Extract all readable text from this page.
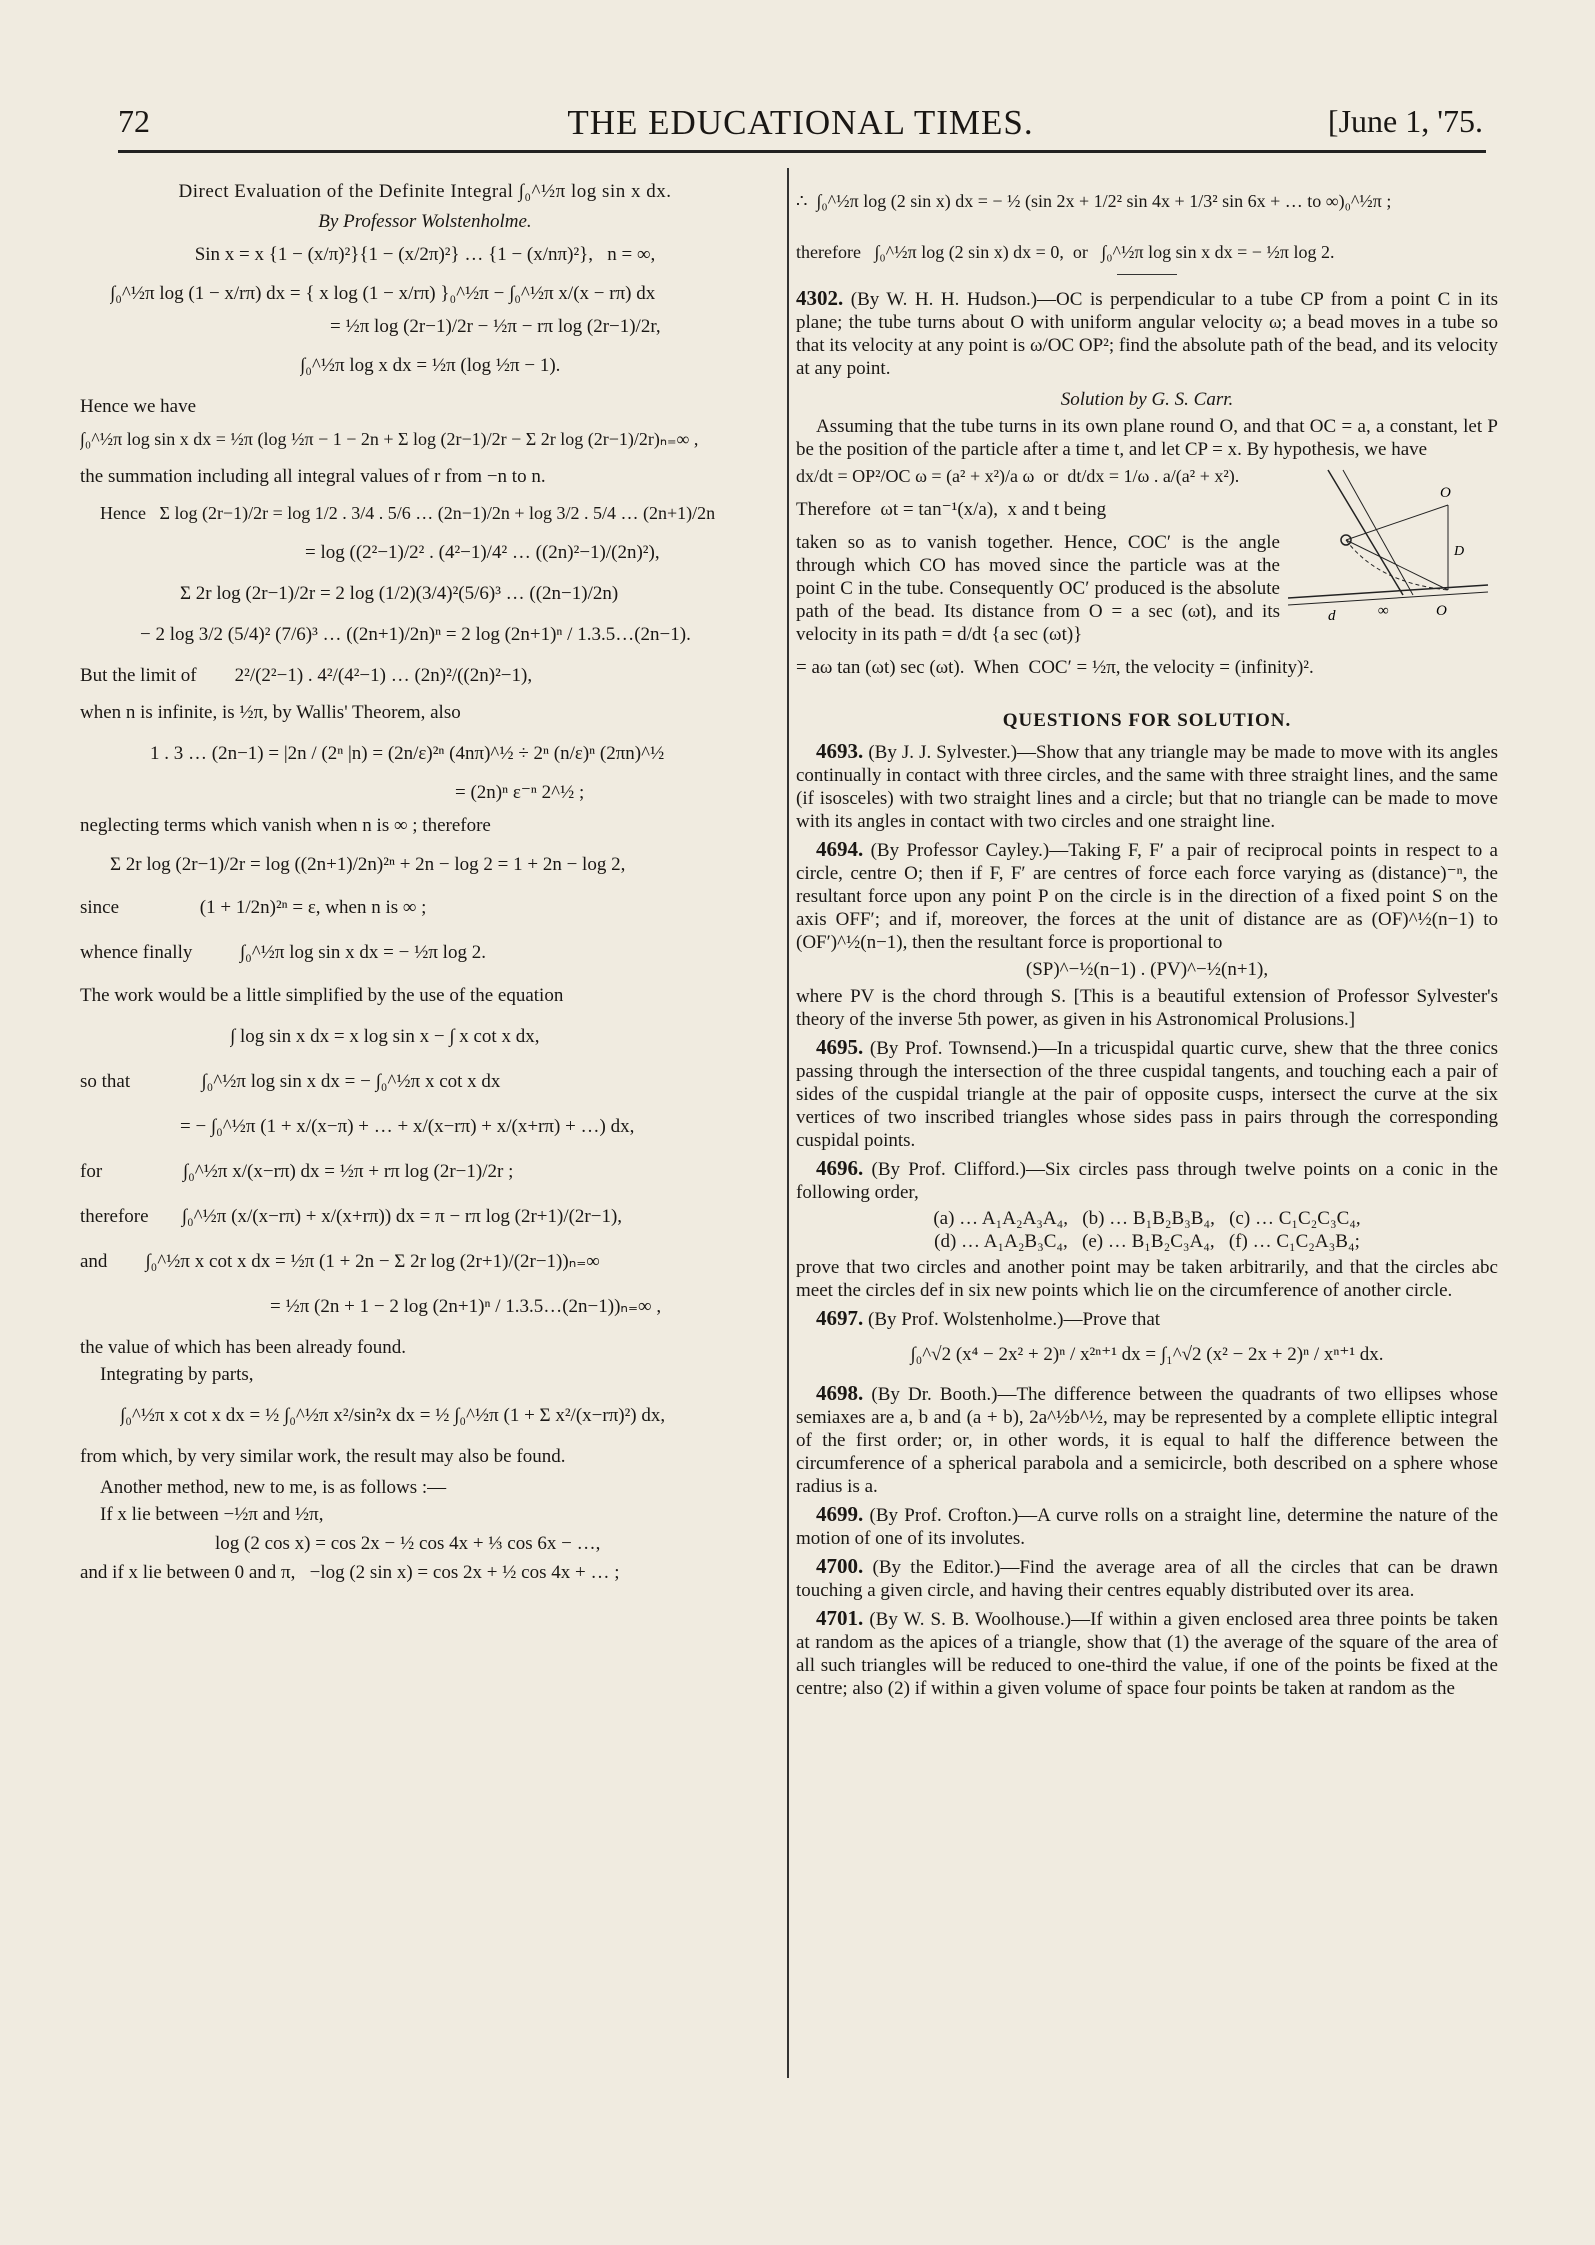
72	THE EDUCATIONAL TIMES.	[June 1, '75.
Direct Evaluation of the Definite Integral ∫₀^½π log sin x dx.
By Professor Wolstenholme.
Sin x = x {1 − (x/π)²}{1 − (x/2π)²} … {1 − (x/nπ)²},   n = ∞,
∫₀^½π log (1 − x/rπ) dx = { x log (1 − x/rπ) }₀^½π − ∫₀^½π x/(x − rπ) dx
= ½π log (2r−1)/2r − ½π − rπ log (2r−1)/2r,
∫₀^½π log x dx = ½π (log ½π − 1).
Hence we have
∫₀^½π log sin x dx = ½π (log ½π − 1 − 2n + Σ log (2r−1)/2r − Σ 2r log (2r−1)/2r)ₙ₌∞ ,
the summation including all integral values of r from −n to n.
Hence   Σ log (2r−1)/2r = log 1/2 . 3/4 . 5/6 … (2n−1)/2n + log 3/2 . 5/4 … (2n+1)/2n
= log ((2²−1)/2² . (4²−1)/4² … ((2n)²−1)/(2n)²),
Σ 2r log (2r−1)/2r = 2 log (1/2)(3/4)²(5/6)³ … ((2n−1)/2n)
− 2 log 3/2 (5/4)² (7/6)³ … ((2n+1)/2n)ⁿ = 2 log (2n+1)ⁿ / 1.3.5…(2n−1).
But the limit of        2²/(2²−1) . 4²/(4²−1) … (2n)²/((2n)²−1),
when n is infinite, is ½π, by Wallis' Theorem, also
1 . 3 … (2n−1) = |2n / (2ⁿ |n) = (2n/ε)²ⁿ (4nπ)^½ ÷ 2ⁿ (n/ε)ⁿ (2πn)^½
= (2n)ⁿ ε⁻ⁿ 2^½ ;
neglecting terms which vanish when n is ∞ ; therefore
Σ 2r log (2r−1)/2r = log ((2n+1)/2n)²ⁿ + 2n − log 2 = 1 + 2n − log 2,
since                 (1 + 1/2n)²ⁿ = ε, when n is ∞ ;
whence finally          ∫₀^½π log sin x dx = − ½π log 2.
The work would be a little simplified by the use of the equation
∫ log sin x dx = x log sin x − ∫ x cot x dx,
so that               ∫₀^½π log sin x dx = − ∫₀^½π x cot x dx
= − ∫₀^½π (1 + x/(x−π) + … + x/(x−rπ) + x/(x+rπ) + …) dx,
for                 ∫₀^½π x/(x−rπ) dx = ½π + rπ log (2r−1)/2r ;
therefore       ∫₀^½π (x/(x−rπ) + x/(x+rπ)) dx = π − rπ log (2r+1)/(2r−1),
and        ∫₀^½π x cot x dx = ½π (1 + 2n − Σ 2r log (2r+1)/(2r−1))ₙ₌∞
= ½π (2n + 1 − 2 log (2n+1)ⁿ / 1.3.5…(2n−1))ₙ₌∞ ,
the value of which has been already found.
Integrating by parts,
∫₀^½π x cot x dx = ½ ∫₀^½π x²/sin²x dx = ½ ∫₀^½π (1 + Σ x²/(x−rπ)²) dx,
from which, by very similar work, the result may also be found.
Another method, new to me, is as follows :—
If x lie between −½π and ½π,
log (2 cos x) = cos 2x − ½ cos 4x + ⅓ cos 6x − …,
and if x lie between 0 and π,   −log (2 sin x) = cos 2x + ½ cos 4x + … ;
∴  ∫₀^½π log (2 sin x) dx = − ½ (sin 2x + 1/2² sin 4x + 1/3² sin 6x + … to ∞)₀^½π ;
therefore   ∫₀^½π log (2 sin x) dx = 0,  or   ∫₀^½π log sin x dx = − ½π log 2.

4302. (By W. H. H. Hudson.)—OC is perpendicular to a tube CP from a point C in its plane; the tube turns about O with uniform angular velocity ω; a bead moves in a tube so that its velocity at any point is ω/OC OP²; find the absolute path of the bead, and its velocity at any point.

Solution by G. S. Carr.

Assuming that the tube turns in its own plane round O, and that OC = a, a constant, let P be the position of the particle after a time t, and let CP = x. By hypothesis, we have

O
D
d	∞	O
dx/dt = OP²/OC ω = (a² + x²)/a ω  or  dt/dx = 1/ω . a/(a² + x²).
Therefore  ωt = tan⁻¹(x/a),  x and t being

taken so as to vanish together. Hence, COC′ is the angle through which CO has moved since the particle was at the point C in the tube. Consequently OC′ produced is the absolute path of the bead. Its distance from O = a sec (ωt), and its velocity in its path = d/dt {a sec (ωt)}

= aω tan (ωt) sec (ωt).  When  COC′ = ½π, the velocity = (infinity)².
QUESTIONS FOR SOLUTION.

4693. (By J. J. Sylvester.)—Show that any triangle may be made to move with its angles continually in contact with three circles, and the same with three straight lines, and the same (if isosceles) with two straight lines and a circle; but that no triangle can be made to move with its angles in contact with two circles and one straight line.

4694. (By Professor Cayley.)—Taking F, F′ a pair of reciprocal points in respect to a circle, centre O; then if F, F′ are centres of force each force varying as (distance)⁻ⁿ, the resultant force upon any point P on the circle is in the direction of a fixed point S on the axis OFF′; and if, moreover, the forces at the unit of distance are as (OF)^½(n−1) to (OF′)^½(n−1), then the resultant force is proportional to

(SP)^−½(n−1) . (PV)^−½(n+1),

where PV is the chord through S. [This is a beautiful extension of Professor Sylvester's theory of the inverse 5th power, as given in his Astronomical Prolusions.]

4695. (By Prof. Townsend.)—In a tricuspidal quartic curve, shew that the three conics passing through the intersection of the three cuspidal tangents, and touching each a pair of sides of the cuspidal triangle at the pair of opposite cusps, intersect the curve at the six vertices of two inscribed triangles whose sides pass in pairs through the corresponding cuspidal points.

4696. (By Prof. Clifford.)—Six circles pass through twelve points on a conic in the following order,

(a) … A₁A₂A₃A₄,   (b) … B₁B₂B₃B₄,   (c) … C₁C₂C₃C₄,
(d) … A₁A₂B₃C₄,   (e) … B₁B₂C₃A₄,   (f) … C₁C₂A₃B₄;

prove that two circles and another point may be taken arbitrarily, and that the circles abc meet the circles def in six new points which lie on the circumference of another circle.

4697. (By Prof. Wolstenholme.)—Prove that

∫₀^√2 (x⁴ − 2x² + 2)ⁿ / x²ⁿ⁺¹ dx = ∫₁^√2 (x² − 2x + 2)ⁿ / xⁿ⁺¹ dx.

4698. (By Dr. Booth.)—The difference between the quadrants of two ellipses whose semiaxes are a, b and (a + b), 2a^½b^½, may be represented by a complete elliptic integral of the first order; or, in other words, it is equal to half the difference between the circumference of a spherical parabola and a semicircle, both described on a sphere whose radius is a.

4699. (By Prof. Crofton.)—A curve rolls on a straight line, determine the nature of the motion of one of its involutes.

4700. (By the Editor.)—Find the average area of all the circles that can be drawn touching a given circle, and having their centres equably distributed over its area.

4701. (By W. S. B. Woolhouse.)—If within a given enclosed area three points be taken at random as the apices of a triangle, show that (1) the average of the square of the area of all such triangles will be reduced to one-third the value, if one of the points be fixed at the centre; also (2) if within a given volume of space four points be taken at random as the
